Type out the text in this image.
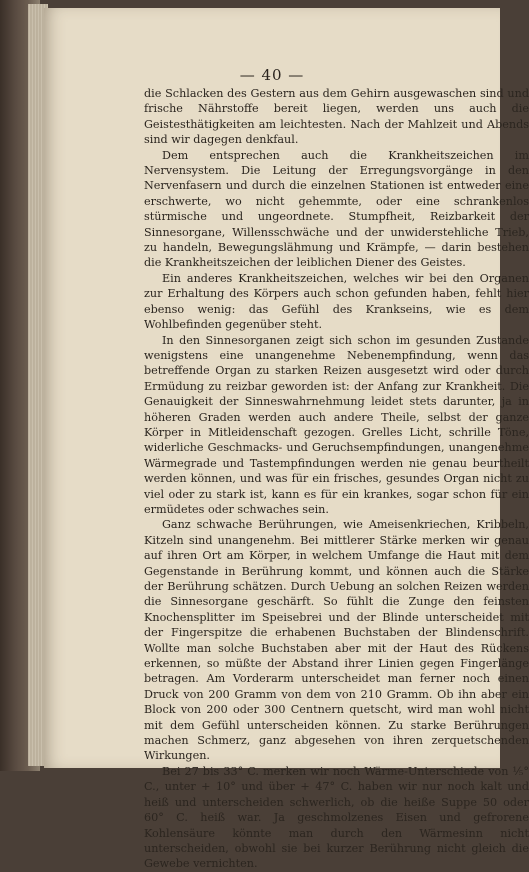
— 40 —

die Schlacken des Gestern aus dem Gehirn ausgewaschen sind und frische Nährstoffe bereit liegen, werden uns auch die Geistesthätigkeiten am leichtesten. Nach der Mahlzeit und Abends sind wir dagegen denkfaul.

Dem entsprechen auch die Krankheitszeichen im Nervensystem. Die Leitung der Erregungsvorgänge in den Nervenfasern und durch die einzelnen Stationen ist entweder eine erschwerte, wo nicht gehemmte, oder eine schrankenlos stürmische und ungeordnete. Stumpfheit, Reizbarkeit der Sinnesorgane, Willensschwäche und der unwiderstehliche Trieb, zu handeln, Bewegungslähmung und Krämpfe, — darin bestehen die Krankheitszeichen der leiblichen Diener des Geistes.

Ein anderes Krankheitszeichen, welches wir bei den Organen zur Erhaltung des Körpers auch schon gefunden haben, fehlt hier ebenso wenig: das Gefühl des Krankseins, wie es dem Wohlbefinden gegenüber steht.

In den Sinnesorganen zeigt sich schon im gesunden Zustande wenigstens eine unangenehme Nebenempfindung, wenn das betreffende Organ zu starken Reizen ausgesetzt wird oder durch Ermüdung zu reizbar geworden ist: der Anfang zur Krankheit. Die Genauigkeit der Sinneswahrnehmung leidet stets darunter, ja in höheren Graden werden auch andere Theile, selbst der ganze Körper in Mitleidenschaft gezogen. Grelles Licht, schrille Töne, widerliche Geschmacks- und Geruchsempfindungen, unangenehme Wärmegrade und Tastempfindungen werden nie genau beurtheilt werden können, und was für ein frisches, gesundes Organ nicht zu viel oder zu stark ist, kann es für ein krankes, sogar schon für ein ermüdetes oder schwaches sein.

Ganz schwache Berührungen, wie Ameisenkriechen, Kribbeln, Kitzeln sind unangenehm. Bei mittlerer Stärke merken wir genau auf ihren Ort am Körper, in welchem Umfange die Haut mit dem Gegenstande in Berührung kommt, und können auch die Stärke der Berührung schätzen. Durch Uebung an solchen Reizen werden die Sinnesorgane geschärft. So fühlt die Zunge den feinsten Knochensplitter im Speisebrei und der Blinde unterscheidet mit der Fingerspitze die erhabenen Buchstaben der Blindenschrift. Wollte man solche Buchstaben aber mit der Haut des Rückens erkennen, so müßte der Abstand ihrer Linien gegen Fingerlänge betragen. Am Vorderarm unterscheidet man ferner noch einen Druck von 200 Gramm von dem von 210 Gramm. Ob ihn aber ein Block von 200 oder 300 Centnern quetscht, wird man wohl nicht mit dem Gefühl unterscheiden können. Zu starke Berührungen machen Schmerz, ganz abgesehen von ihren zerquetschenden Wirkungen.

Bei 27 bis 33° C. merken wir noch Wärme-Unterschiede von ⅕° C., unter + 10° und über + 47° C. haben wir nur noch kalt und heiß und unterscheiden schwerlich, ob die heiße Suppe 50 oder 60° C. heiß war. Ja geschmolzenes Eisen und gefrorene Kohlensäure könnte man durch den Wärmesinn nicht unterscheiden, obwohl sie bei kurzer Berührung nicht gleich die Gewebe vernichten.
